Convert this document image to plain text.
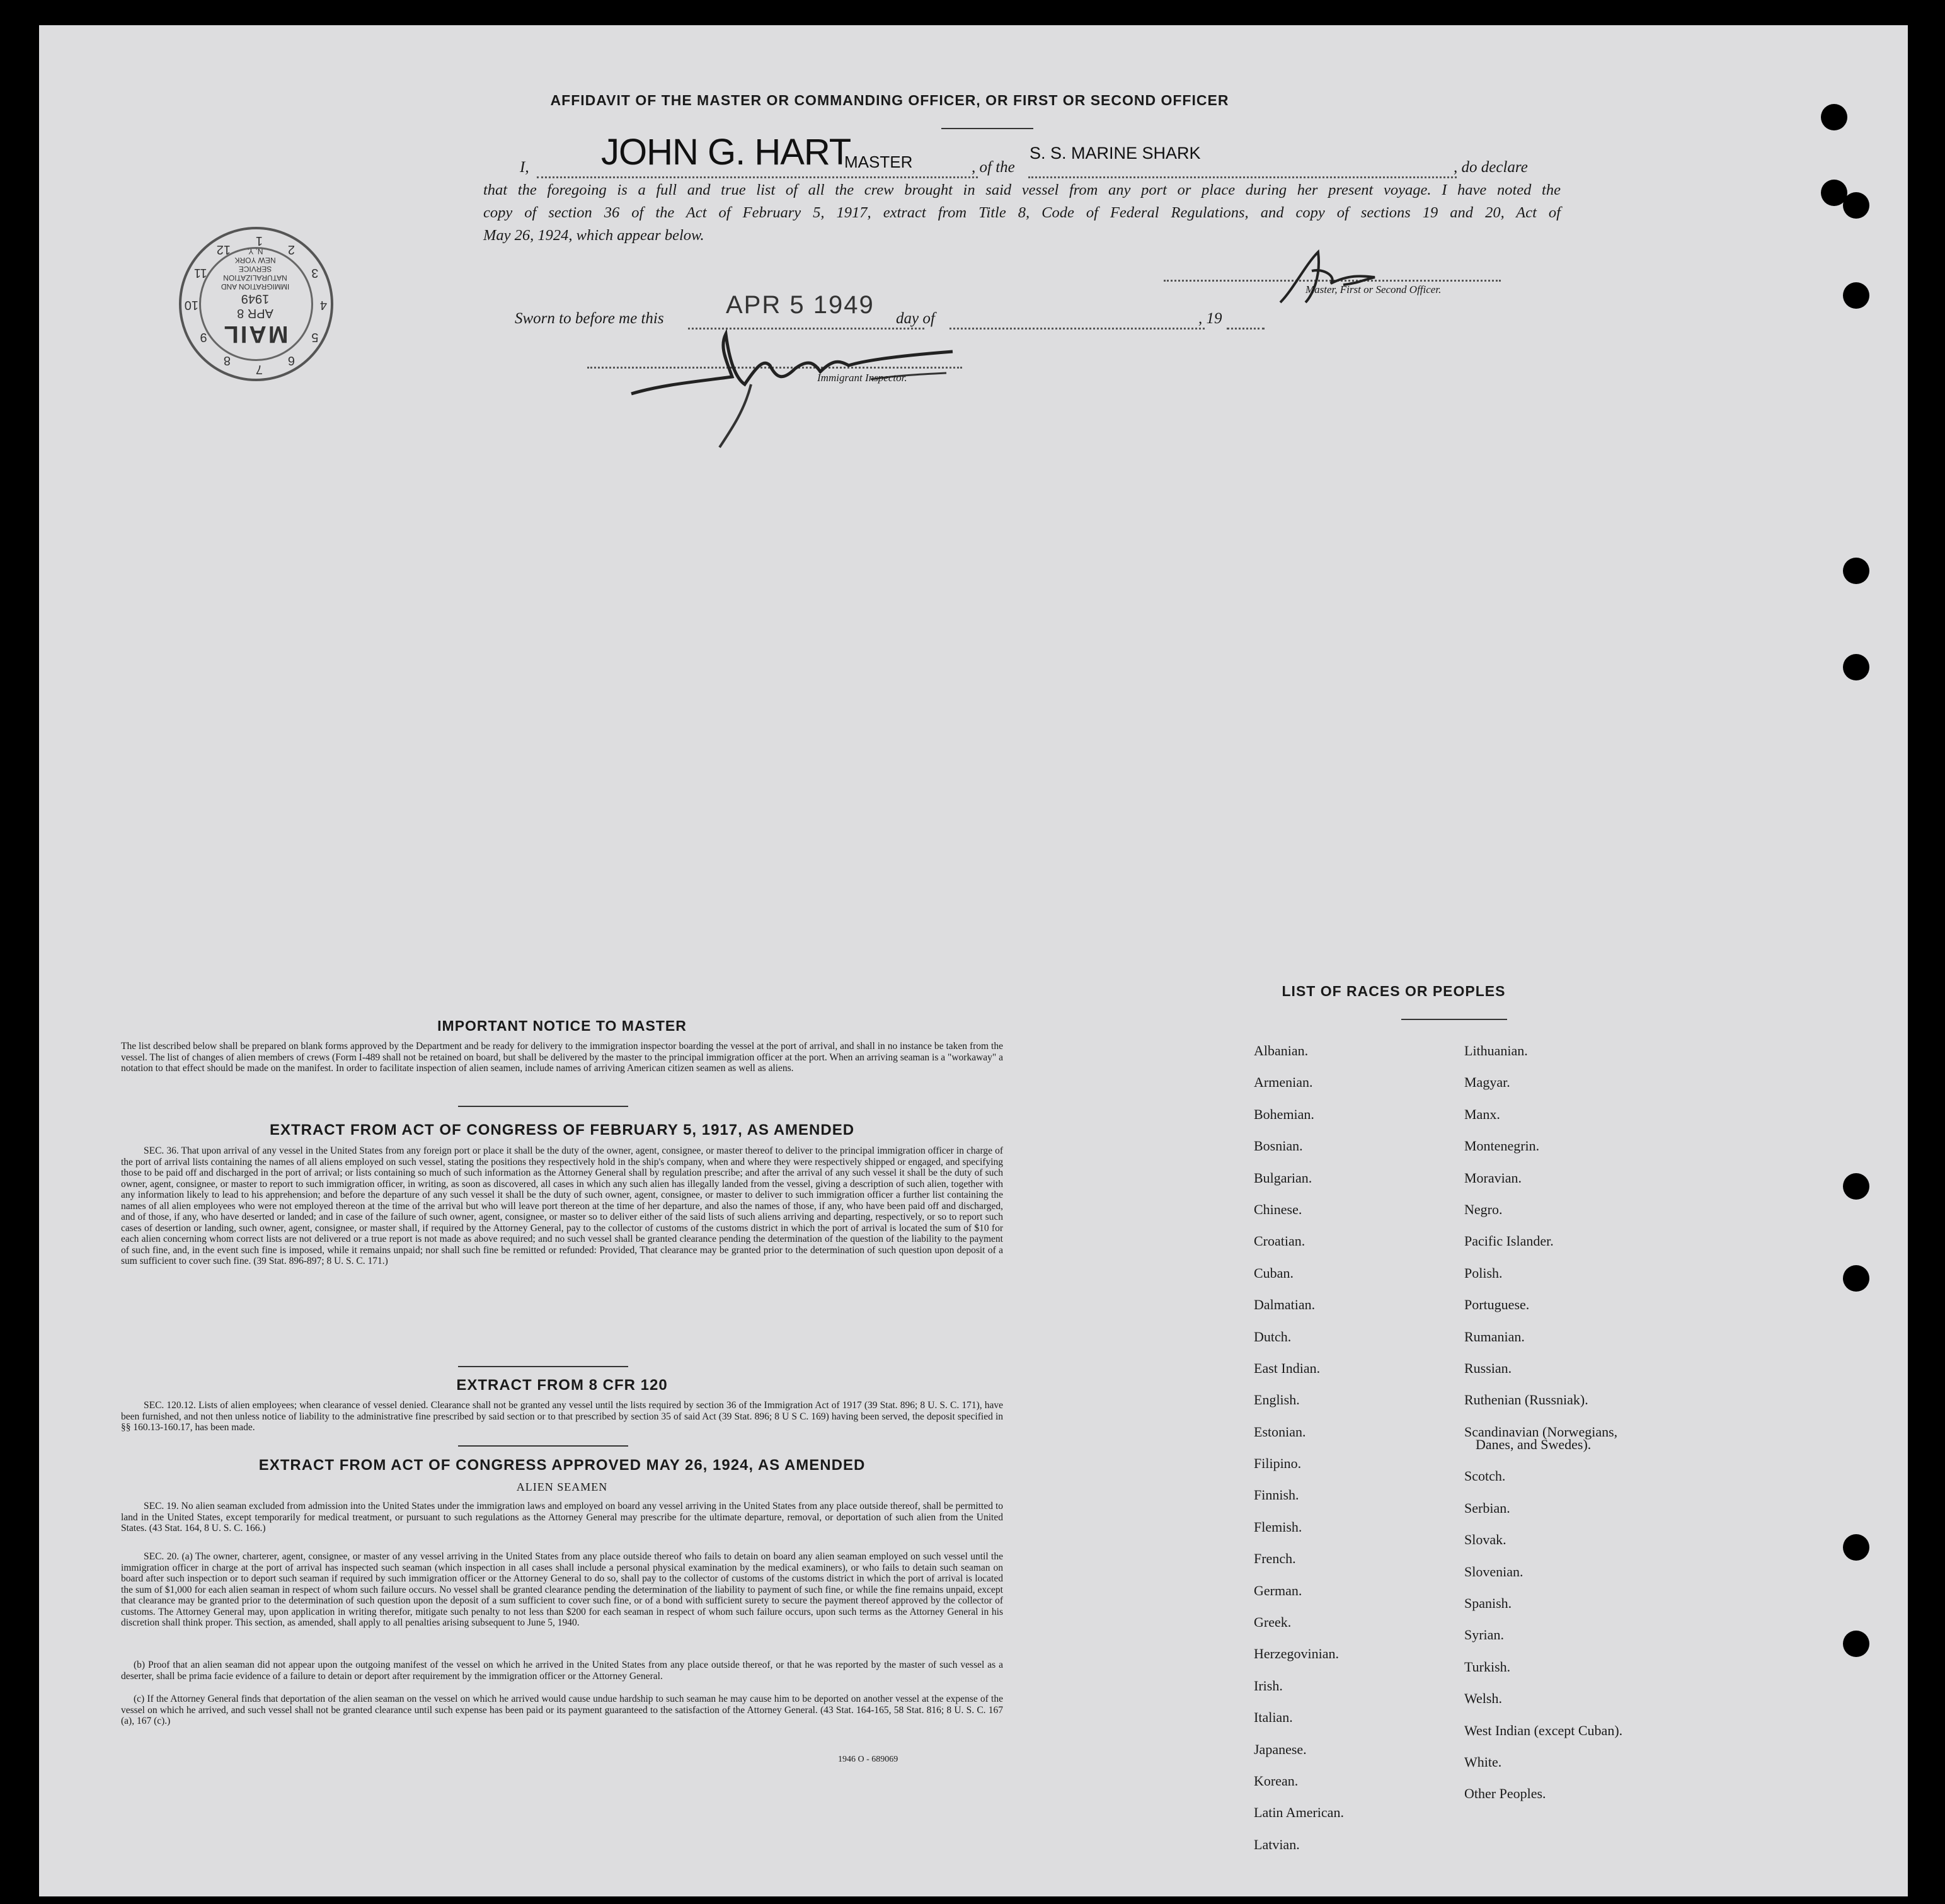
AFFIDAVIT OF THE MASTER OR COMMANDING OFFICER, OR FIRST OR SECOND OFFICER
I, JOHN G. HART
MASTER	, of the
S. S. MARINE SHARK
, do declare
that the foregoing is a full and true list of all the crew brought in said vessel from any port or place during her present voyage. I have noted the
copy of section 36 of the Act of February 5, 1917, extract from Title 8, Code of Federal Regulations, and copy of sections 19 and 20, Act of
May 26, 1924, which appear below.
Master, First or Second Officer.
Sworn to before me this APR 5 1949 day of	, 19
Immigrant Inspector.
MAIL
APR 8
1949
IMMIGRATION AND
NATURALIZATION
SERVICE
NEW YORK
N. Y.
7
8
9
10
11
12
1
2
3
4
5
6
IMPORTANT NOTICE TO MASTER
The list described below shall be prepared on blank forms approved by the Department and be ready for delivery to the immigration inspector boarding the vessel at the port of arrival, and shall in no instance be taken from the vessel. The list of changes of alien members of crews (Form I-489 shall not be retained on board, but shall be delivered by the master to the principal immigration officer at the port. When an arriving seaman is a "workaway" a notation to that effect should be made on the manifest. In order to facilitate inspection of alien seamen, include names of arriving American citizen seamen as well as aliens.
EXTRACT FROM ACT OF CONGRESS OF FEBRUARY 5, 1917, AS AMENDED
SEC. 36. That upon arrival of any vessel in the United States from any foreign port or place it shall be the duty of the owner, agent, consignee, or master thereof to deliver to the principal immigration officer in charge of the port of arrival lists containing the names of all aliens employed on such vessel, stating the positions they respectively hold in the ship's company, when and where they were respectively shipped or engaged, and specifying those to be paid off and discharged in the port of arrival; or lists containing so much of such information as the Attorney General shall by regulation prescribe; and after the arrival of any such vessel it shall be the duty of such owner, agent, consignee, or master to report to such immigration officer, in writing, as soon as discovered, all cases in which any such alien has illegally landed from the vessel, giving a description of such alien, together with any information likely to lead to his apprehension; and before the departure of any such vessel it shall be the duty of such owner, agent, consignee, or master to deliver to such immigration officer a further list containing the names of all alien employees who were not employed thereon at the time of the arrival but who will leave port thereon at the time of her departure, and also the names of those, if any, who have been paid off and discharged, and of those, if any, who have deserted or landed; and in case of the failure of such owner, agent, consignee, or master so to deliver either of the said lists of such aliens arriving and departing, respectively, or so to report such cases of desertion or landing, such owner, agent, consignee, or master shall, if required by the Attorney General, pay to the collector of customs of the customs district in which the port of arrival is located the sum of $10 for each alien concerning whom correct lists are not delivered or a true report is not made as above required; and no such vessel shall be granted clearance pending the determination of the question of the liability to the payment of such fine, and, in the event such fine is imposed, while it remains unpaid; nor shall such fine be remitted or refunded: Provided, That clearance may be granted prior to the determination of such question upon deposit of a sum sufficient to cover such fine. (39 Stat. 896-897; 8 U. S. C. 171.)
EXTRACT FROM 8 CFR 120
SEC. 120.12. Lists of alien employees; when clearance of vessel denied. Clearance shall not be granted any vessel until the lists required by section 36 of the Immigration Act of 1917 (39 Stat. 896; 8 U. S. C. 171), have been furnished, and not then unless notice of liability to the administrative fine prescribed by said section or to that prescribed by section 35 of said Act (39 Stat. 896; 8 U S C. 169) having been served, the deposit specified in §§ 160.13-160.17, has been made.
EXTRACT FROM ACT OF CONGRESS APPROVED MAY 26, 1924, AS AMENDED
ALIEN SEAMEN
SEC. 19. No alien seaman excluded from admission into the United States under the immigration laws and employed on board any vessel arriving in the United States from any place outside thereof, shall be permitted to land in the United States, except temporarily for medical treatment, or pursuant to such regulations as the Attorney General may prescribe for the ultimate departure, removal, or deportation of such alien from the United States. (43 Stat. 164, 8 U. S. C. 166.)
SEC. 20. (a) The owner, charterer, agent, consignee, or master of any vessel arriving in the United States from any place outside thereof who fails to detain on board any alien seaman employed on such vessel until the immigration officer in charge at the port of arrival has inspected such seaman (which inspection in all cases shall include a personal physical examination by the medical examiners), or who fails to detain such seaman on board after such inspection or to deport such seaman if required by such immigration officer or the Attorney General to do so, shall pay to the collector of customs of the customs district in which the port of arrival is located the sum of $1,000 for each alien seaman in respect of whom such failure occurs. No vessel shall be granted clearance pending the determination of the liability to payment of such fine, or while the fine remains unpaid, except that clearance may be granted prior to the determination of such question upon the deposit of a sum sufficient to cover such fine, or of a bond with sufficient surety to secure the payment thereof approved by the collector of customs. The Attorney General may, upon application in writing therefor, mitigate such penalty to not less than $200 for each seaman in respect of whom such failure occurs, upon such terms as the Attorney General in his discretion shall think proper. This section, as amended, shall apply to all penalties arising subsequent to June 5, 1940.
(b) Proof that an alien seaman did not appear upon the outgoing manifest of the vessel on which he arrived in the United States from any place outside thereof, or that he was reported by the master of such vessel as a deserter, shall be prima facie evidence of a failure to detain or deport after requirement by the immigration officer or the Attorney General.
(c) If the Attorney General finds that deportation of the alien seaman on the vessel on which he arrived would cause undue hardship to such seaman he may cause him to be deported on another vessel at the expense of the vessel on which he arrived, and such vessel shall not be granted clearance until such expense has been paid or its payment guaranteed to the satisfaction of the Attorney General. (43 Stat. 164-165, 58 Stat. 816; 8 U. S. C. 167 (a), 167 (c).)
1946 O - 689069
LIST OF RACES OR PEOPLES
Albanian.
Armenian.
Bohemian.
Bosnian.
Bulgarian.
Chinese.
Croatian.
Cuban.
Dalmatian.
Dutch.
East Indian.
English.
Estonian.
Filipino.
Finnish.
Flemish.
French.
German.
Greek.
Herzegovinian.
Irish.
Italian.
Japanese.
Korean.
Latin American.
Latvian.
Lithuanian.
Magyar.
Manx.
Montenegrin.
Moravian.
Negro.
Pacific Islander.
Polish.
Portuguese.
Rumanian.
Russian.
Ruthenian (Russniak).
Scandinavian (Norwegians,
Danes, and Swedes).
Scotch.
Serbian.
Slovak.
Slovenian.
Spanish.
Syrian.
Turkish.
Welsh.
West Indian (except Cuban).
White.
Other Peoples.
